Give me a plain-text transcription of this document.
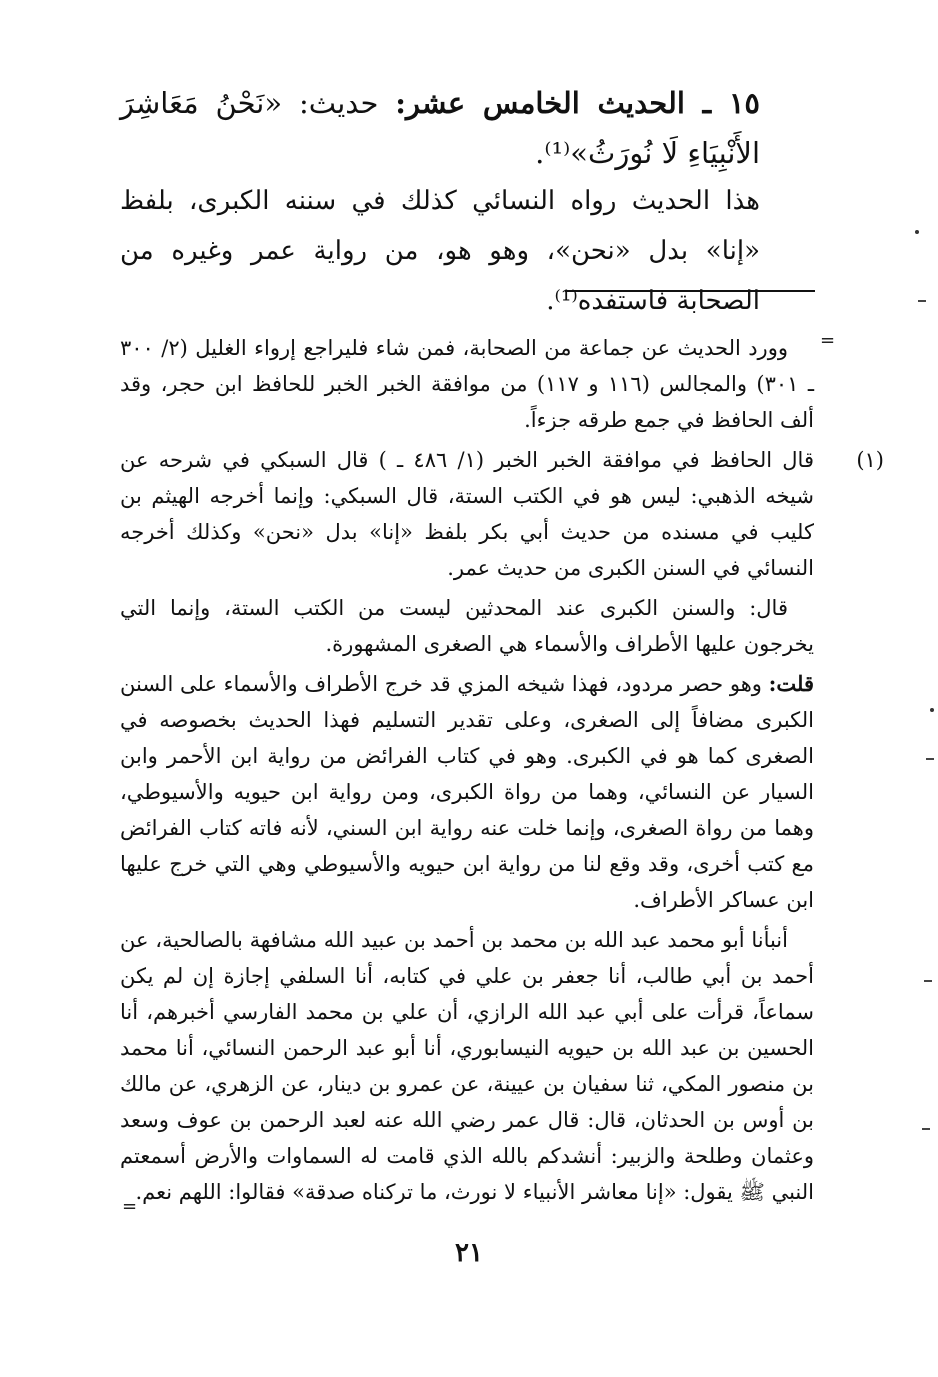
١٥ ـ الحديث الخامس عشر: حديث: «نَحْنُ مَعَاشِرَ الأَنْبِيَاءِ لَا نُورَثُ»⁽¹⁾.
هذا الحديث رواه النسائي كذلك في سننه الكبرى، بلفظ «إنا» بدل «نحن»، وهو هو، من رواية عمر وغيره من الصحابة فاستفده⁽¹⁾.
=

وورد الحديث عن جماعة من الصحابة، فمن شاء فليراجع إرواء الغليل (٢/ ٣٠٠ ـ ٣٠١) والمجالس (١١٦ و ١١٧) من موافقة الخبر الخبر للحافظ ابن حجر، وقد ألف الحافظ في جمع طرقه جزءاً.

(١)

قال الحافظ في موافقة الخبر الخبر (١/ ٤٨٦ ـ ) قال السبكي في شرحه عن شيخه الذهبي: ليس هو في الكتب الستة، قال السبكي: وإنما أخرجه الهيثم بن كليب في مسنده من حديث أبي بكر بلفظ «إنا» بدل «نحن» وكذلك أخرجه النسائي في السنن الكبرى من حديث عمر.

قال: والسنن الكبرى عند المحدثين ليست من الكتب الستة، وإنما التي يخرجون عليها الأطراف والأسماء هي الصغرى المشهورة.

قلت: وهو حصر مردود، فهذا شيخه المزي قد خرج الأطراف والأسماء على السنن الكبرى مضافاً إلى الصغرى، وعلى تقدير التسليم فهذا الحديث بخصوصه في الصغرى كما هو في الكبرى. وهو في كتاب الفرائض من رواية ابن الأحمر وابن السيار عن النسائي، وهما من رواة الكبرى، ومن رواية ابن حيويه والأسيوطي، وهما من رواة الصغرى، وإنما خلت عنه رواية ابن السني، لأنه فاته كتاب الفرائض مع كتب أخرى، وقد وقع لنا من رواية ابن حيويه والأسيوطي وهي التي خرج عليها ابن عساكر الأطراف.

أنبأنا أبو محمد عبد الله بن محمد بن أحمد بن عبيد الله مشافهة بالصالحية، عن أحمد بن أبي طالب، أنا جعفر بن علي في كتابه، أنا السلفي إجازة إن لم يكن سماعاً، قرأت على أبي عبد الله الرازي، أن علي بن محمد الفارسي أخبرهم، أنا الحسين بن عبد الله بن حيويه النيسابوري، أنا أبو عبد الرحمن النسائي، أنا محمد بن منصور المكي، ثنا سفيان بن عيينة، عن عمرو بن دينار، عن الزهري، عن مالك بن أوس بن الحدثان، قال: قال عمر رضي الله عنه لعبد الرحمن بن عوف وسعد وعثمان وطلحة والزبير: أنشدكم بالله الذي قامت له السماوات والأرض أسمعتم النبي ﷺ يقول: «إنا معاشر الأنبياء لا نورث، ما تركناه صدقة» فقالوا: اللهم نعم.

=
٢١
